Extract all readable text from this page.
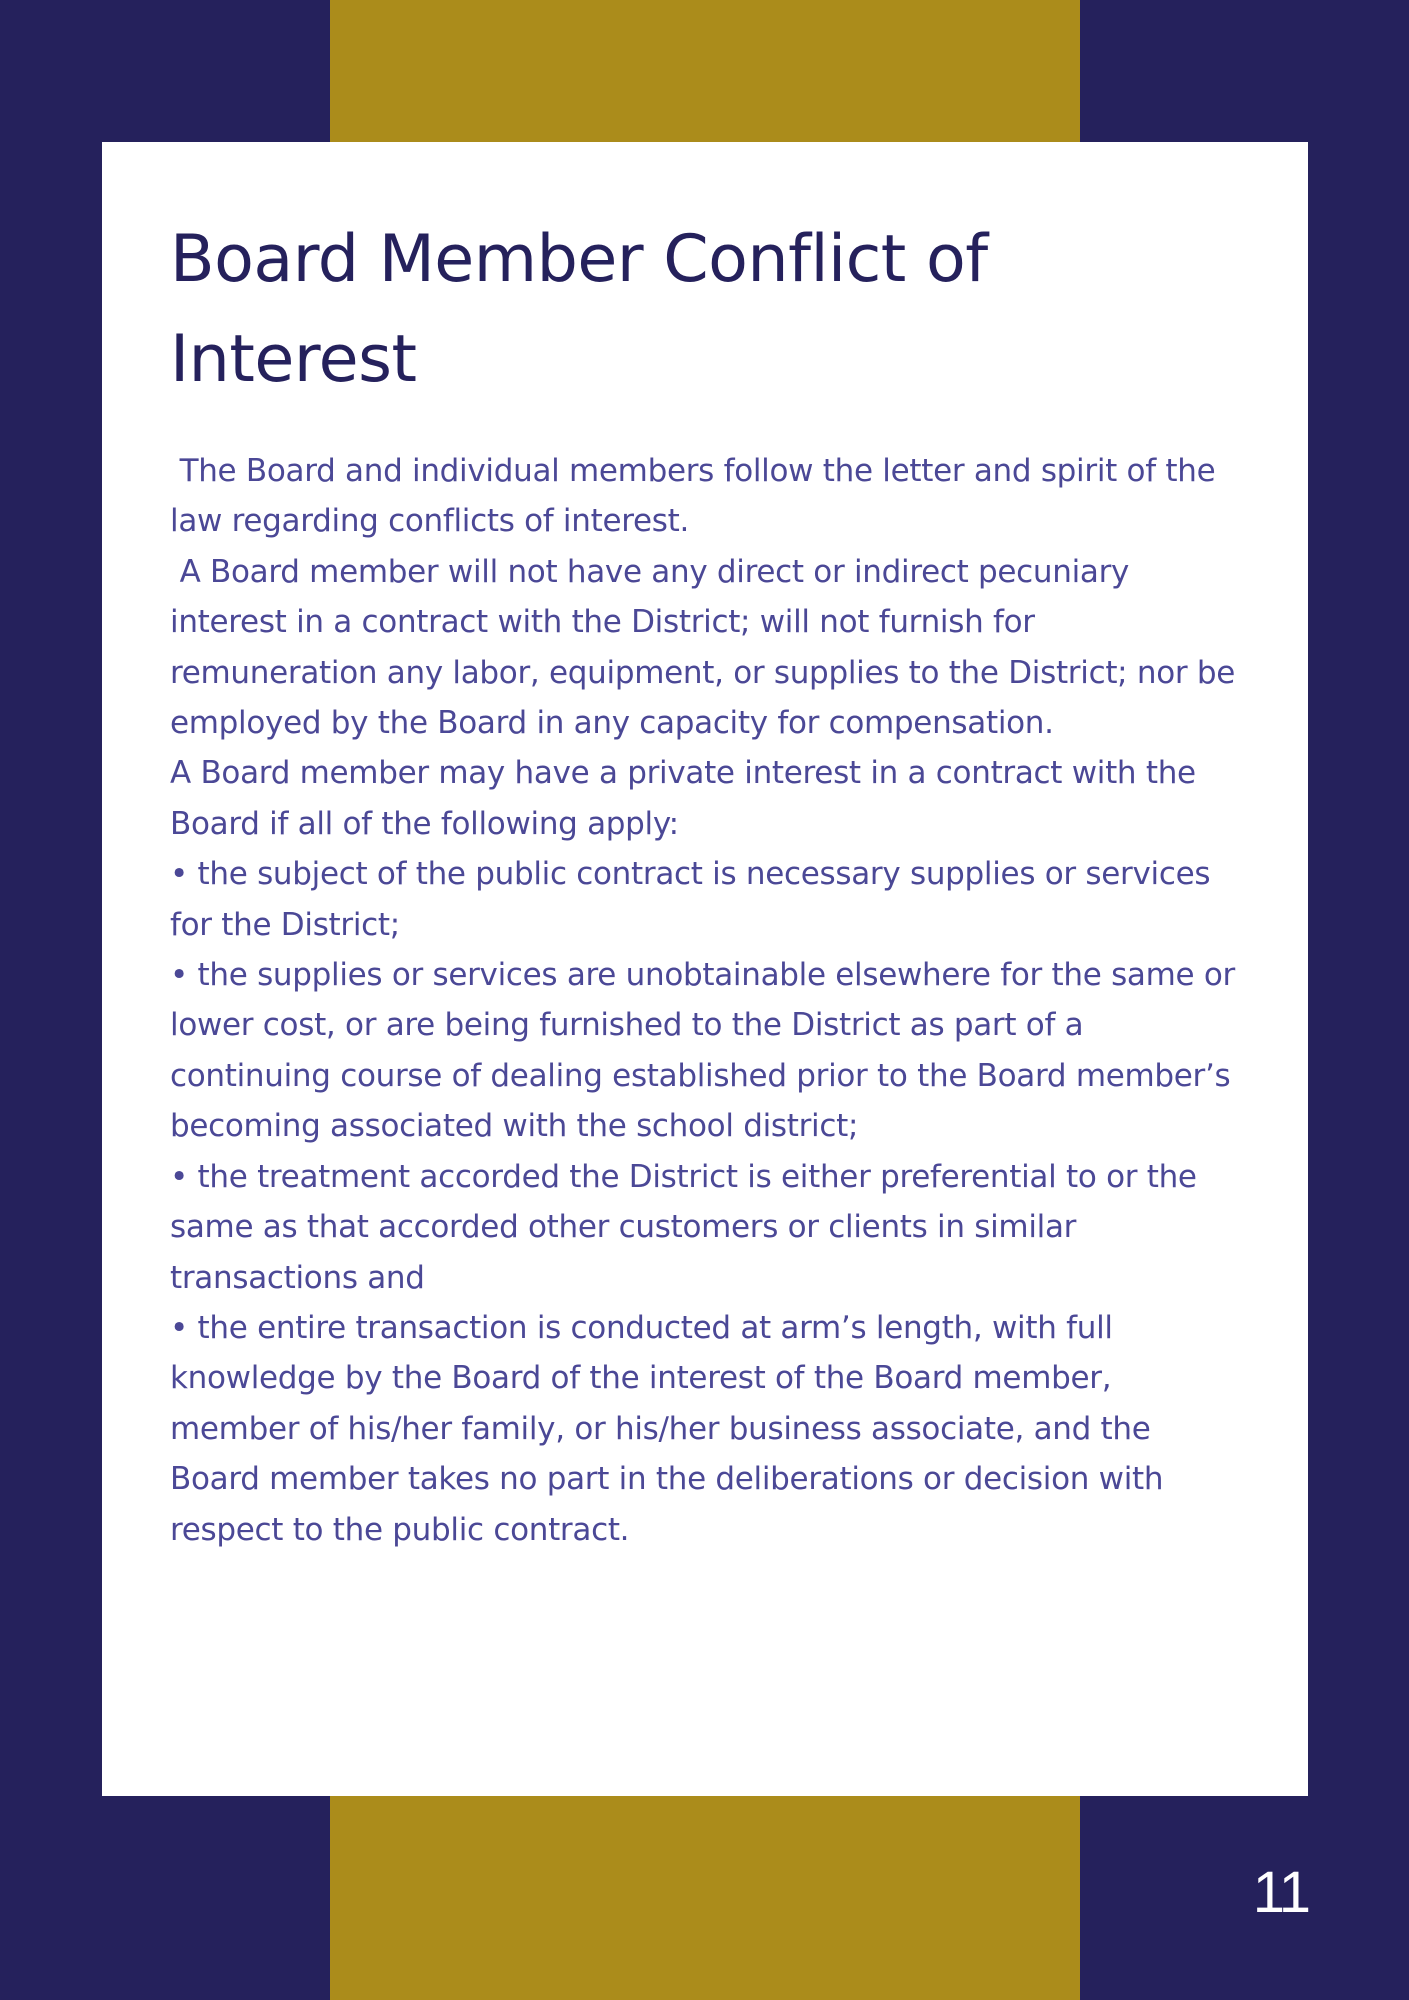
Board Member Conflict of Interest

The Board and individual members follow the letter and spirit of the law regarding conflicts of interest.

A Board member will not have any direct or indirect pecuniary interest in a contract with the District; will not furnish for remuneration any labor, equipment, or supplies to the District; nor be employed by the Board in any capacity for compensation.

A Board member may have a private interest in a contract with the Board if all of the following apply:

• the subject of the public contract is necessary supplies or services for the District;

• the supplies or services are unobtainable elsewhere for the same or lower cost, or are being furnished to the District as part of a continuing course of dealing established prior to the Board member’s becoming associated with the school district;

• the treatment accorded the District is either preferential to or the same as that accorded other customers or clients in similar transactions and

• the entire transaction is conducted at arm’s length, with full knowledge by the Board of the interest of the Board member, member of his/her family, or his/her business associate, and the Board member takes no part in the deliberations or decision with respect to the public contract.

11
